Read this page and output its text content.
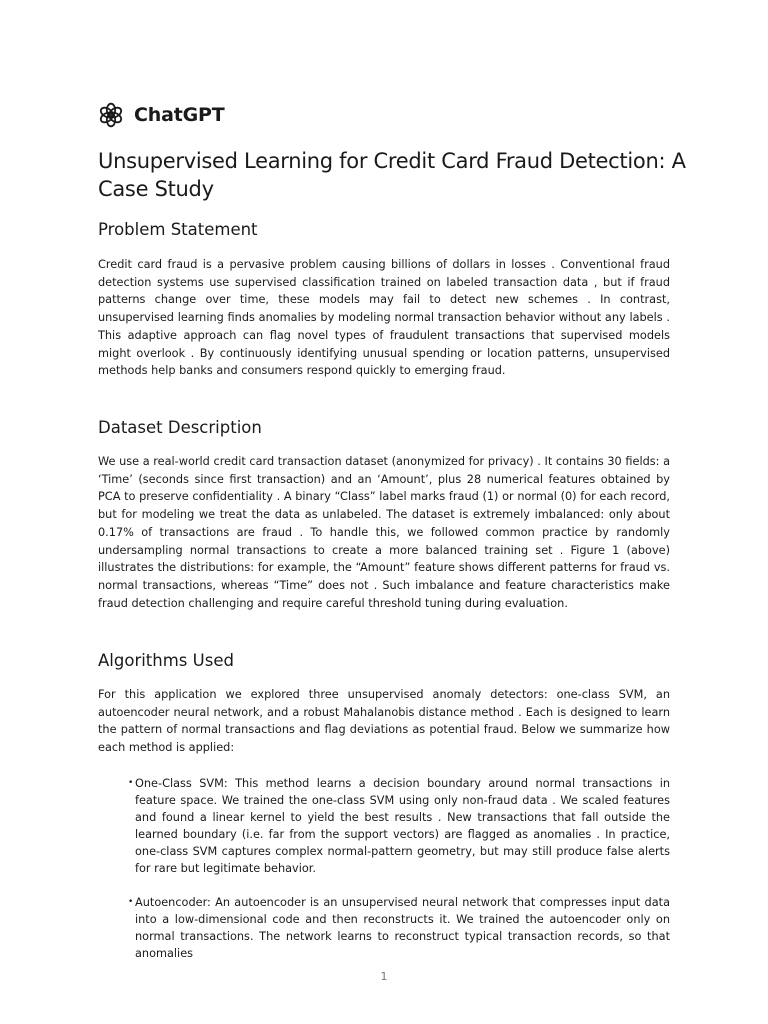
ChatGPT
Unsupervised Learning for Credit Card Fraud Detection: A Case Study
Problem Statement

Credit card fraud is a pervasive problem causing billions of dollars in losses . Conventional fraud detection systems use supervised classification trained on labeled transaction data , but if fraud patterns change over time, these models may fail to detect new schemes . In contrast, unsupervised learning finds anomalies by modeling normal transaction behavior without any labels . This adaptive approach can flag novel types of fraudulent transactions that supervised models might overlook . By continuously identifying unusual spending or location patterns, unsupervised methods help banks and consumers respond quickly to emerging fraud.

Dataset Description

We use a real-world credit card transaction dataset (anonymized for privacy) . It contains 30 fields: a ‘Time’ (seconds since first transaction) and an ‘Amount’, plus 28 numerical features obtained by PCA to preserve confidentiality . A binary “Class” label marks fraud (1) or normal (0) for each record, but for modeling we treat the data as unlabeled. The dataset is extremely imbalanced: only about 0.17% of transactions are fraud . To handle this, we followed common practice by randomly undersampling normal transactions to create a more balanced training set . Figure 1 (above) illustrates the distributions: for example, the “Amount” feature shows different patterns for fraud vs. normal transactions, whereas “Time” does not . Such imbalance and feature characteristics make fraud detection challenging and require careful threshold tuning during evaluation.

Algorithms Used

For this application we explored three unsupervised anomaly detectors: one-class SVM, an autoencoder neural network, and a robust Mahalanobis distance method . Each is designed to learn the pattern of normal transactions and flag deviations as potential fraud. Below we summarize how each method is applied:

• One-Class SVM: This method learns a decision boundary around normal transactions in feature space. We trained the one-class SVM using only non-fraud data . We scaled features and found a linear kernel to yield the best results . New transactions that fall outside the learned boundary (i.e. far from the support vectors) are flagged as anomalies . In practice, one-class SVM captures complex normal-pattern geometry, but may still produce false alerts for rare but legitimate behavior.
• Autoencoder: An autoencoder is an unsupervised neural network that compresses input data into a low-dimensional code and then reconstructs it. We trained the autoencoder only on normal transactions. The network learns to reconstruct typical transaction records, so that anomalies
1
